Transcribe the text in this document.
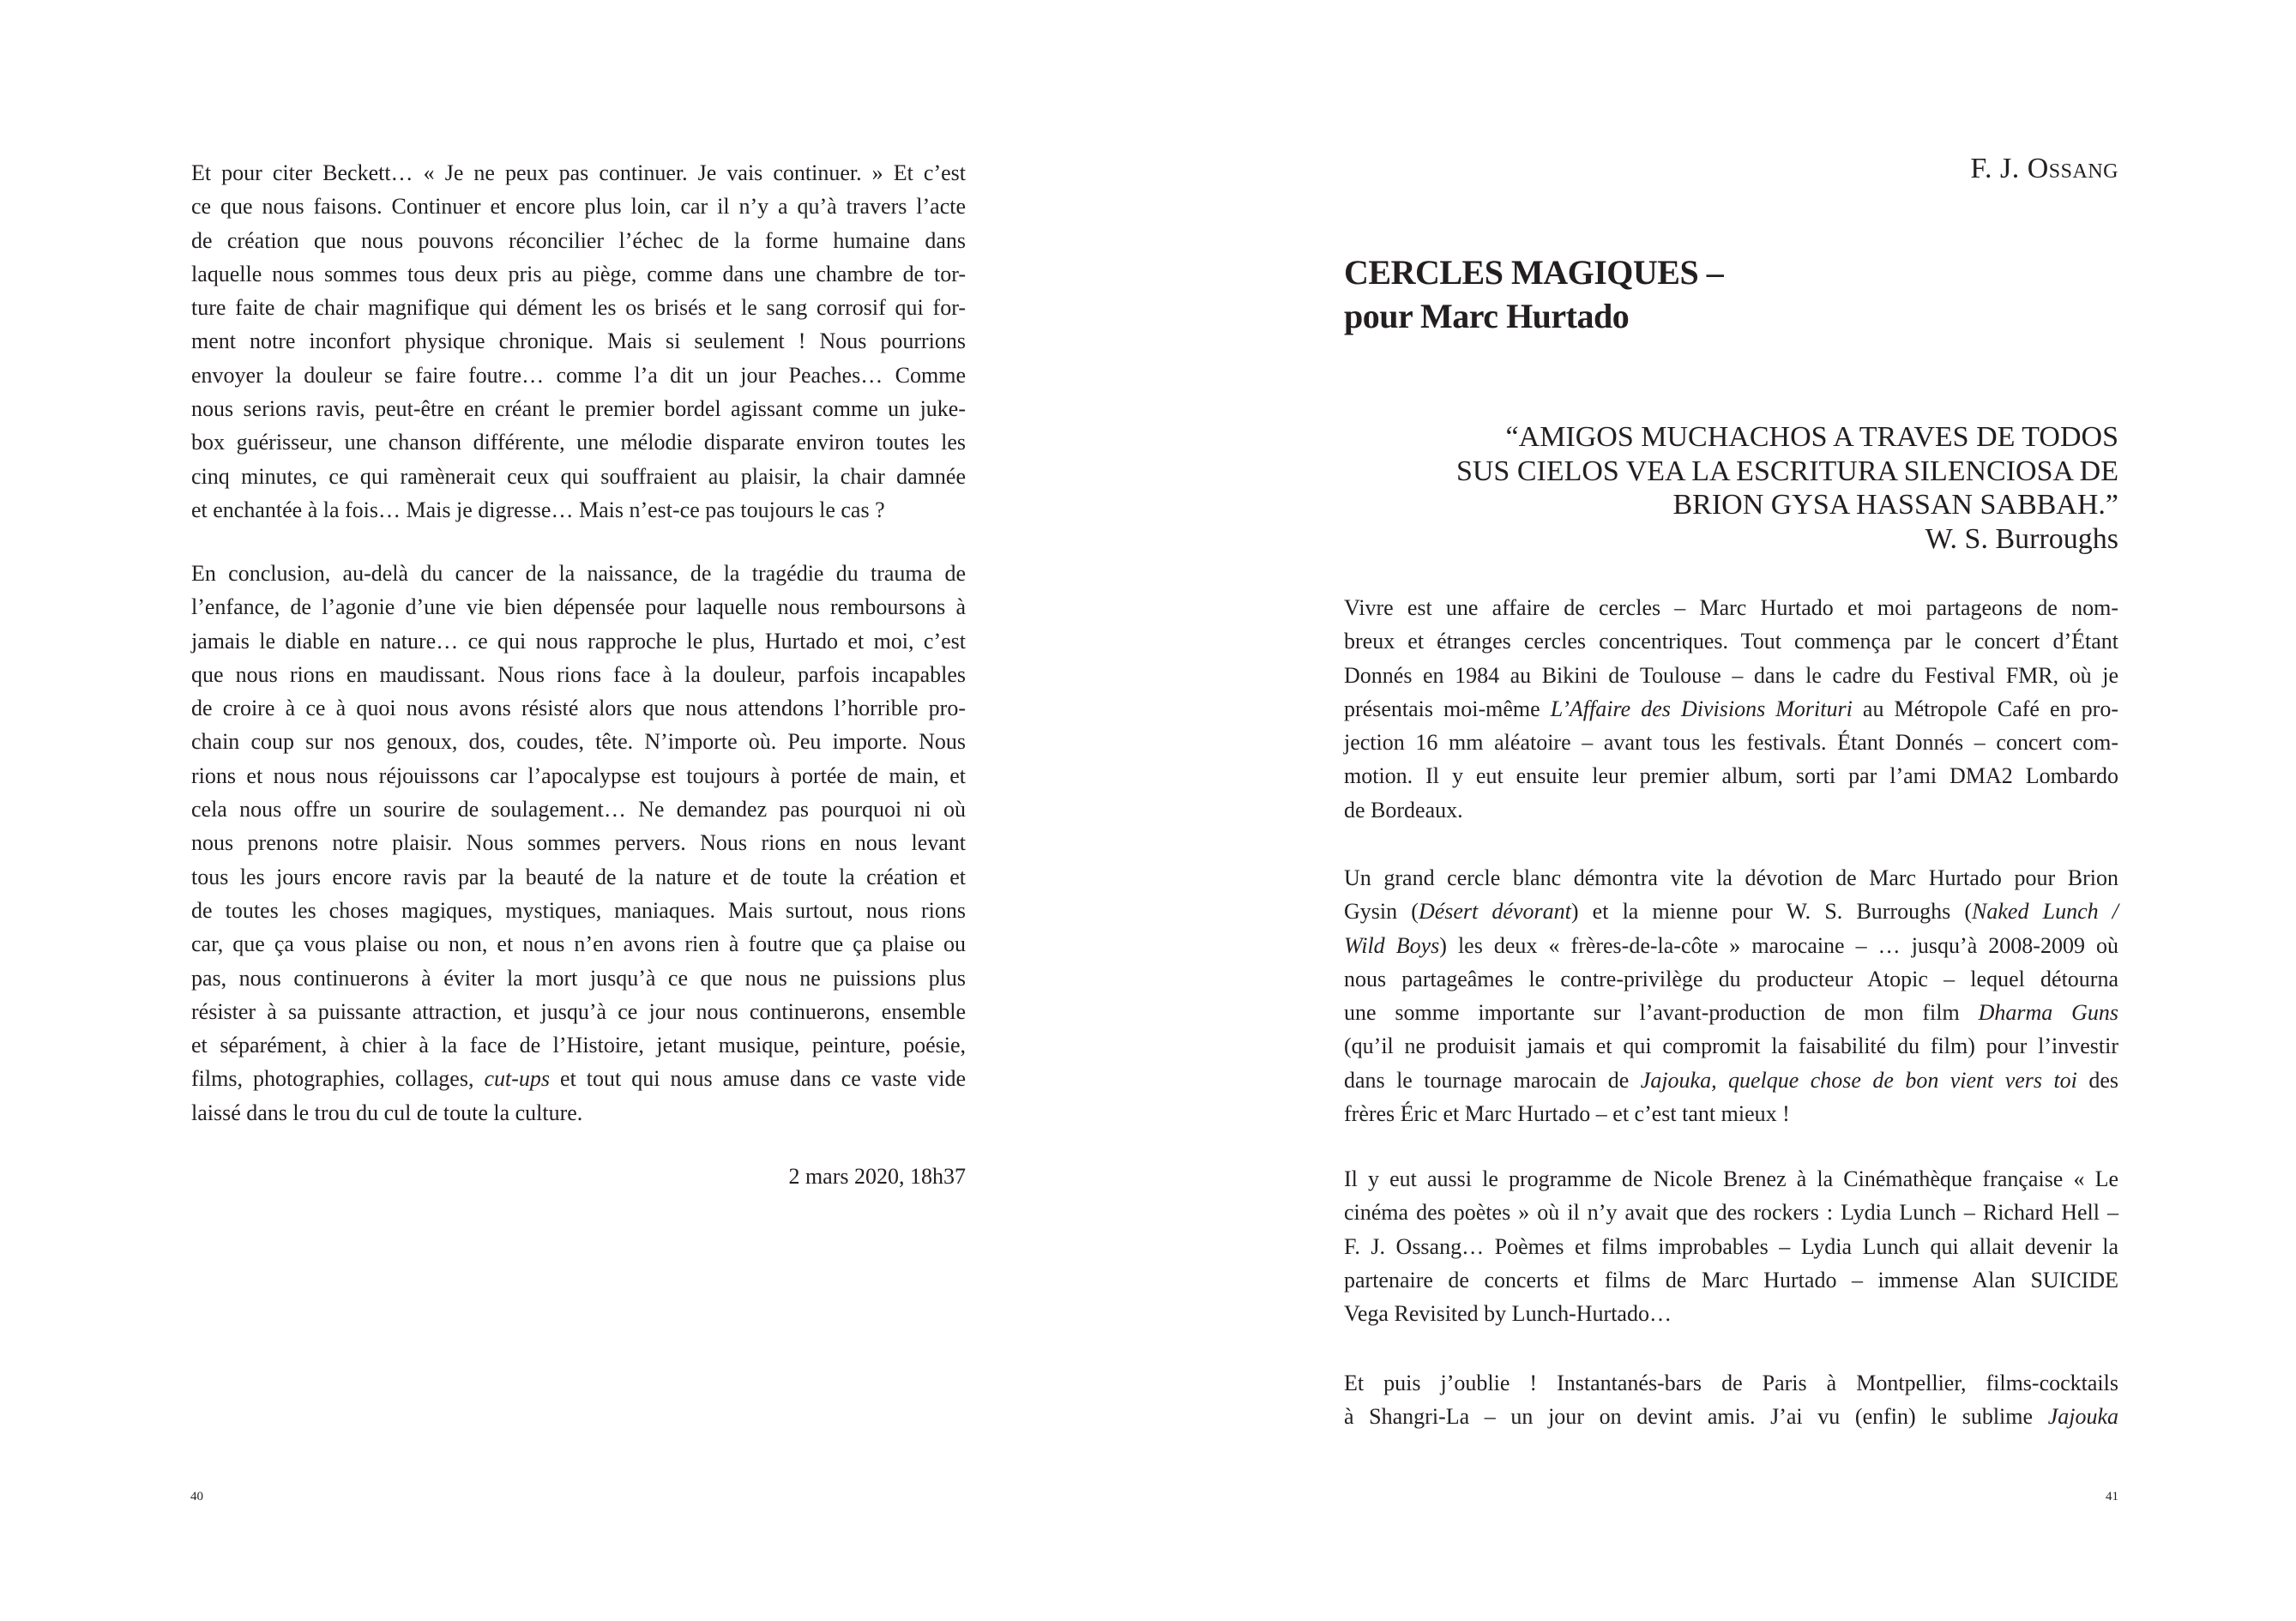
Et pour citer Beckett… « Je ne peux pas continuer. Je vais continuer. » Et c’est
ce que nous faisons. Continuer et encore plus loin, car il n’y a qu’à travers l’acte
de création que nous pouvons réconcilier l’échec de la forme humaine dans
laquelle nous sommes tous deux pris au piège, comme dans une chambre de tor-
ture faite de chair magnifique qui dément les os brisés et le sang corrosif qui for-
ment notre inconfort physique chronique. Mais si seulement ! Nous pourrions
envoyer la douleur se faire foutre… comme l’a dit un jour Peaches… Comme
nous serions ravis, peut-être en créant le premier bordel agissant comme un juke-
box guérisseur, une chanson différente, une mélodie disparate environ toutes les
cinq minutes, ce qui ramènerait ceux qui souffraient au plaisir, la chair damnée
et enchantée à la fois… Mais je digresse… Mais n’est-ce pas toujours le cas ?
En conclusion, au-delà du cancer de la naissance, de la tragédie du trauma de
l’enfance, de l’agonie d’une vie bien dépensée pour laquelle nous remboursons à
jamais le diable en nature… ce qui nous rapproche le plus, Hurtado et moi, c’est
que nous rions en maudissant. Nous rions face à la douleur, parfois incapables
de croire à ce à quoi nous avons résisté alors que nous attendons l’horrible pro-
chain coup sur nos genoux, dos, coudes, tête. N’importe où. Peu importe. Nous
rions et nous nous réjouissons car l’apocalypse est toujours à portée de main, et
cela nous offre un sourire de soulagement… Ne demandez pas pourquoi ni où
nous prenons notre plaisir. Nous sommes pervers. Nous rions en nous levant
tous les jours encore ravis par la beauté de la nature et de toute la création et
de toutes les choses magiques, mystiques, maniaques. Mais surtout, nous rions
car, que ça vous plaise ou non, et nous n’en avons rien à foutre que ça plaise ou
pas, nous continuerons à éviter la mort jusqu’à ce que nous ne puissions plus
résister à sa puissante attraction, et jusqu’à ce jour nous continuerons, ensemble
et séparément, à chier à la face de l’Histoire, jetant musique, peinture, poésie,
films, photographies, collages, cut-ups et tout qui nous amuse dans ce vaste vide
laissé dans le trou du cul de toute la culture.
2 mars 2020, 18h37
40
F. J. Ossang
CERCLES MAGIQUES –
pour Marc Hurtado
“AMIGOS MUCHACHOS A TRAVES DE TODOS
SUS CIELOS VEA LA ESCRITURA SILENCIOSA DE
BRION GYSA HASSAN SABBAH.”
W. S. Burroughs
Vivre est une affaire de cercles – Marc Hurtado et moi partageons de nom-
breux et étranges cercles concentriques. Tout commença par le concert d’Étant
Donnés en 1984 au Bikini de Toulouse – dans le cadre du Festival FMR, où je
présentais moi-même L’Affaire des Divisions Morituri au Métropole Café en pro-
jection 16 mm aléatoire – avant tous les festivals. Étant Donnés – concert com-
motion. Il y eut ensuite leur premier album, sorti par l’ami DMA2 Lombardo
de Bordeaux.
Un grand cercle blanc démontra vite la dévotion de Marc Hurtado pour Brion
Gysin (Désert dévorant) et la mienne pour W. S. Burroughs (Naked Lunch /
Wild Boys) les deux « frères-de-la-côte » marocaine – … jusqu’à 2008-2009 où
nous partageâmes le contre-privilège du producteur Atopic – lequel détourna
une somme importante sur l’avant-production de mon film Dharma Guns
(qu’il ne produisit jamais et qui compromit la faisabilité du film) pour l’investir
dans le tournage marocain de Jajouka, quelque chose de bon vient vers toi des
frères Éric et Marc Hurtado – et c’est tant mieux !
Il y eut aussi le programme de Nicole Brenez à la Cinémathèque française « Le
cinéma des poètes » où il n’y avait que des rockers : Lydia Lunch – Richard Hell –
F. J. Ossang… Poèmes et films improbables – Lydia Lunch qui allait devenir la
partenaire de concerts et films de Marc Hurtado – immense Alan SUICIDE
Vega Revisited by Lunch-Hurtado…
Et puis j’oublie ! Instantanés-bars de Paris à Montpellier, films-cocktails
à Shangri-La – un jour on devint amis. J’ai vu (enfin) le sublime Jajouka
41
